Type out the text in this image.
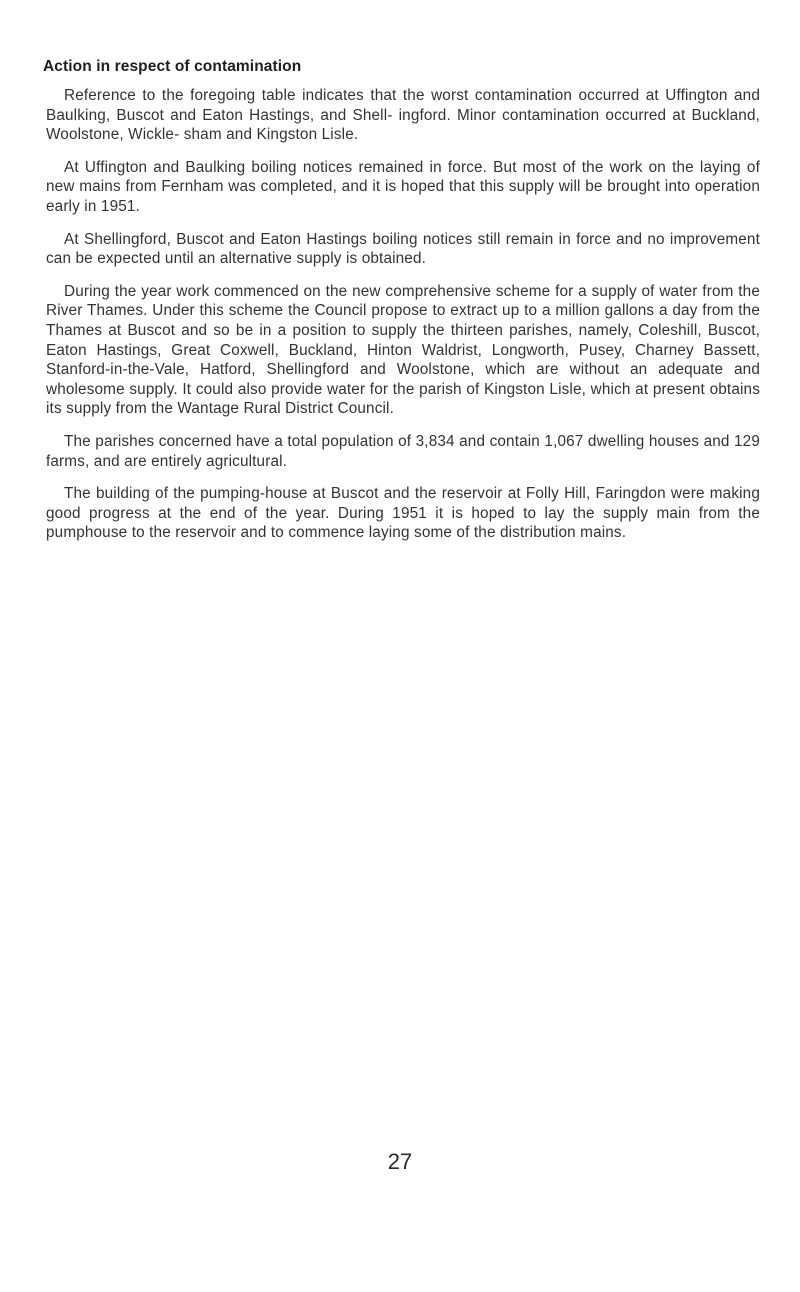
Action in respect of contamination

Reference to the foregoing table indicates that the worst contamination occurred at Uffington and Baulking, Buscot and Eaton Hastings, and Shell- ingford. Minor contamination occurred at Buckland, Woolstone, Wickle- sham and Kingston Lisle.

At Uffington and Baulking boiling notices remained in force. But most of the work on the laying of new mains from Fernham was completed, and it is hoped that this supply will be brought into operation early in 1951.

At Shellingford, Buscot and Eaton Hastings boiling notices still remain in force and no improvement can be expected until an alternative supply is obtained.

During the year work commenced on the new comprehensive scheme for a supply of water from the River Thames. Under this scheme the Council propose to extract up to a million gallons a day from the Thames at Buscot and so be in a position to supply the thirteen parishes, namely, Coleshill, Buscot, Eaton Hastings, Great Coxwell, Buckland, Hinton Waldrist, Longworth, Pusey, Charney Bassett, Stanford-in-the-Vale, Hatford, Shellingford and Woolstone, which are without an adequate and wholesome supply. It could also provide water for the parish of Kingston Lisle, which at present obtains its supply from the Wantage Rural District Council.

The parishes concerned have a total population of 3,834 and contain 1,067 dwelling houses and 129 farms, and are entirely agricultural.

The building of the pumping-house at Buscot and the reservoir at Folly Hill, Faringdon were making good progress at the end of the year. During 1951 it is hoped to lay the supply main from the pumphouse to the reservoir and to commence laying some of the distribution mains.

27
